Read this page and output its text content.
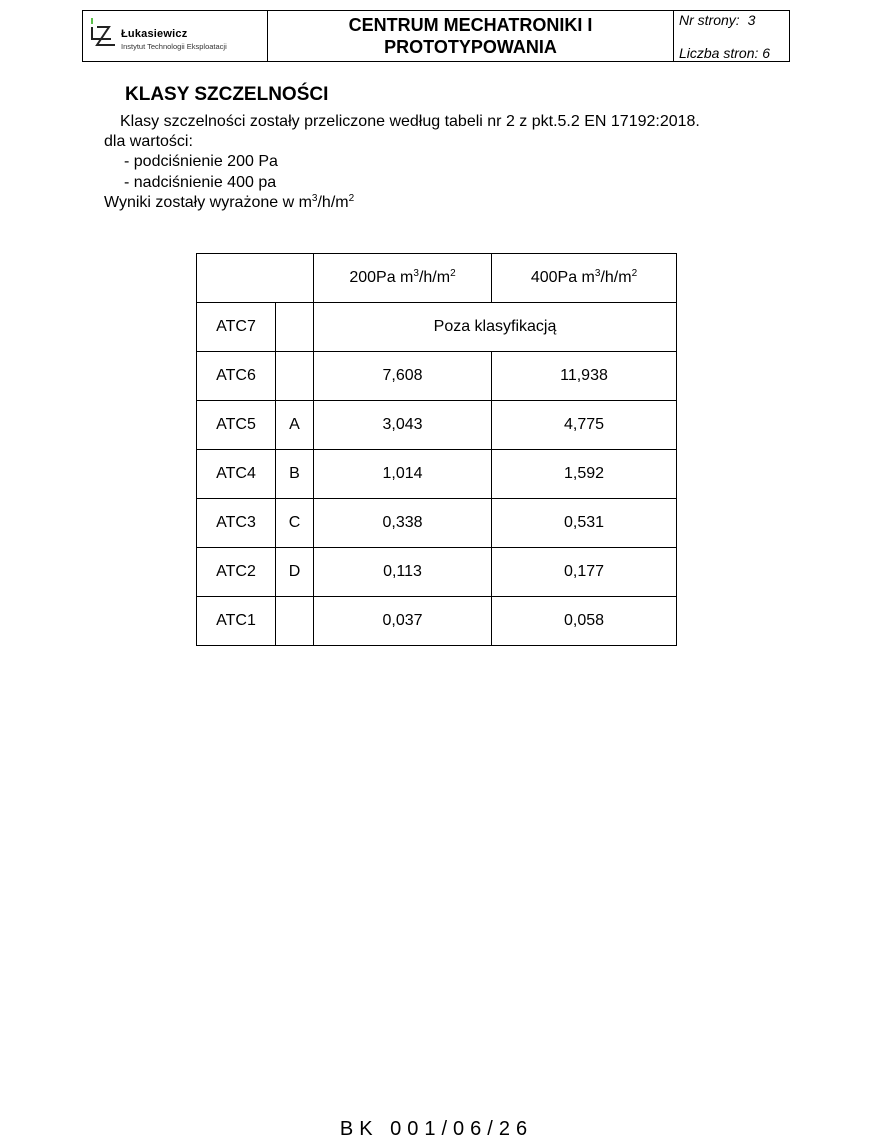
Łukasiewicz
Instytut Technologii Eksploatacji
CENTRUM MECHATRONIKI I
PROTOTYPOWANIA
Nr strony: 3
Liczba stron: 6
KLASY SZCZELNOŚCI
Klasy szczelności zostały przeliczone według tabeli nr 2 z pkt.5.2 EN 17192:2018.
dla wartości:
- podciśnienie 200 Pa
- nadciśnienie 400 pa
Wyniki zostały wyrażone w $m^3/h/m^2$
		200Pa $m^3/h/m^2$	400Pa $m^3/h/m^2$
ATC7		Poza klasyfikacją	
ATC6		7,608	11,938
ATC5	A	3,043	4,775
ATC4	B	1,014	1,592
ATC3	C	0,338	0,531
ATC2	D	0,113	0,177
ATC1		0,037	0,058
BK 001/06/26
